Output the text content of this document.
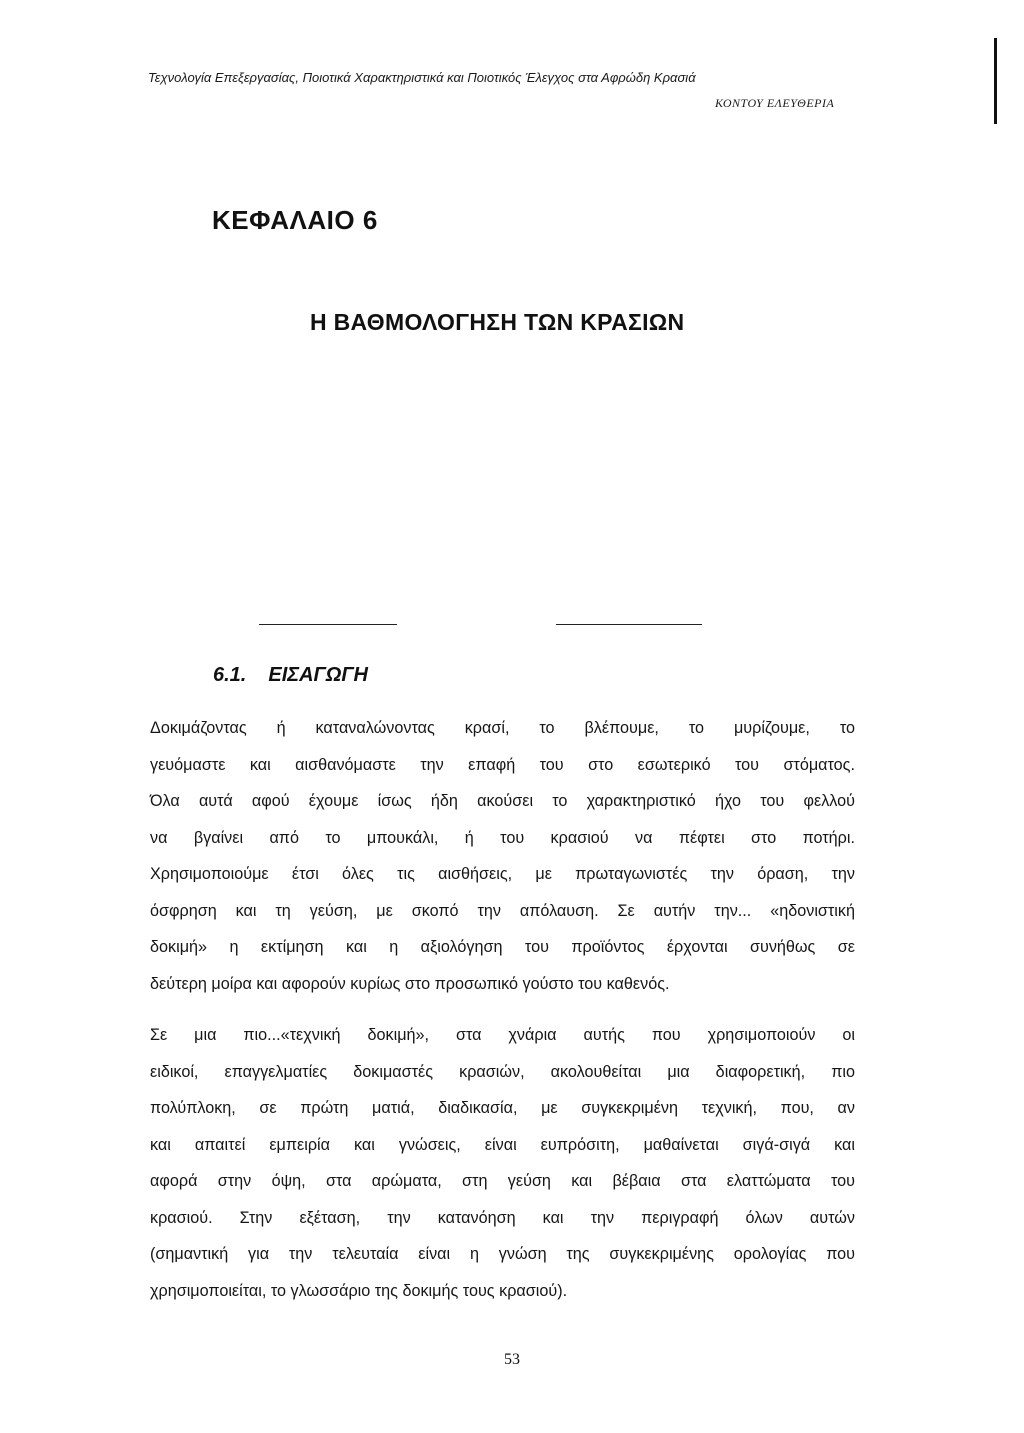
Τεχνολογία Επεξεργασίας, Ποιοτικά Χαρακτηριστικά και Ποιοτικός Έλεγχος στα Αφρώδη Κρασιά
ΚΟΝΤΟΥ ΕΛΕΥΘΕΡΙΑ
ΚΕΦΑΛΑΙΟ 6
Η ΒΑΘΜΟΛΟΓΗΣΗ ΤΩΝ ΚΡΑΣΙΩΝ
6.1. ΕΙΣΑΓΩΓΗ
Δοκιμάζοντας ή καταναλώνοντας κρασί, το βλέπουμε, το μυρίζουμε, το
γευόμαστε και αισθανόμαστε την επαφή του στο εσωτερικό του στόματος.
Όλα αυτά αφού έχουμε ίσως ήδη ακούσει το χαρακτηριστικό ήχο του φελλού
να βγαίνει από το μπουκάλι, ή του κρασιού να πέφτει στο ποτήρι.
Χρησιμοποιούμε έτσι όλες τις αισθήσεις, με πρωταγωνιστές την όραση, την
όσφρηση και τη γεύση, με σκοπό την απόλαυση. Σε αυτήν την... «ηδονιστική
δοκιμή» η εκτίμηση και η αξιολόγηση του προϊόντος έρχονται συνήθως σε
δεύτερη μοίρα και αφορούν κυρίως στο προσωπικό γούστο του καθενός.
Σε μια πιο...«τεχνική δοκιμή», στα χνάρια αυτής που χρησιμοποιούν οι
ειδικοί, επαγγελματίες δοκιμαστές κρασιών, ακολουθείται μια διαφορετική, πιο
πολύπλοκη, σε πρώτη ματιά, διαδικασία, με συγκεκριμένη τεχνική, που, αν
και απαιτεί εμπειρία και γνώσεις, είναι ευπρόσιτη, μαθαίνεται σιγά-σιγά και
αφορά στην όψη, στα αρώματα, στη γεύση και βέβαια στα ελαττώματα του
κρασιού. Στην εξέταση, την κατανόηση και την περιγραφή όλων αυτών
(σημαντική για την τελευταία είναι η γνώση της συγκεκριμένης ορολογίας που
χρησιμοποιείται, το γλωσσάριο της δοκιμής τους κρασιού).
53
